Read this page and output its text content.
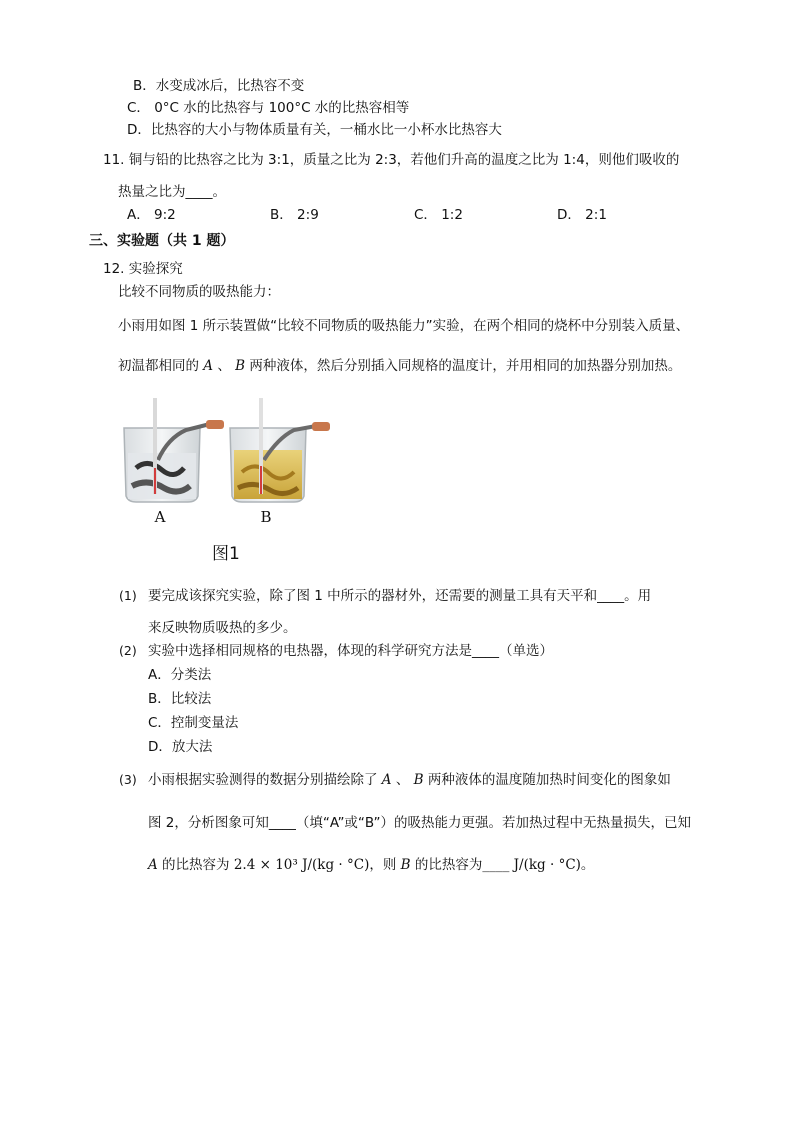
B．水变成冰后，比热容不变
C． 0°C 水的比热容与 100°C 水的比热容相等
D．比热容的大小与物体质量有关，一桶水比一小杯水比热容大
11. 铜与铅的比热容之比为 3:1，质量之比为 2:3，若他们升高的温度之比为 1:4，则他们吸收的
热量之比为____。
A． 9:2	B． 2:9	C． 1:2	D． 2:1
三、实验题（共 1 题）
12. 实验探究
比较不同物质的吸热能力：
小雨用如图 1 所示装置做“比较不同物质的吸热能力”实验，在两个相同的烧杯中分别装入质量、
初温都相同的 A 、 B 两种液体，然后分别插入同规格的温度计，并用相同的加热器分别加热。
A	B
图1
(1) 要完成该探究实验，除了图 1 中所示的器材外，还需要的测量工具有天平和____。用
来反映物质吸热的多少。
(2) 实验中选择相同规格的电热器，体现的科学研究方法是____（单选）
A．分类法
B．比较法
C．控制变量法
D．放大法
(3) 小雨根据实验测得的数据分别描绘除了 A 、 B 两种液体的温度随加热时间变化的图象如
图 2，分析图象可知____（填“A”或“B”）的吸热能力更强。若加热过程中无热量损失，已知
A 的比热容为 2.4 × 10³ J/(kg · °C)，则 B 的比热容为____ J/(kg · °C)。
